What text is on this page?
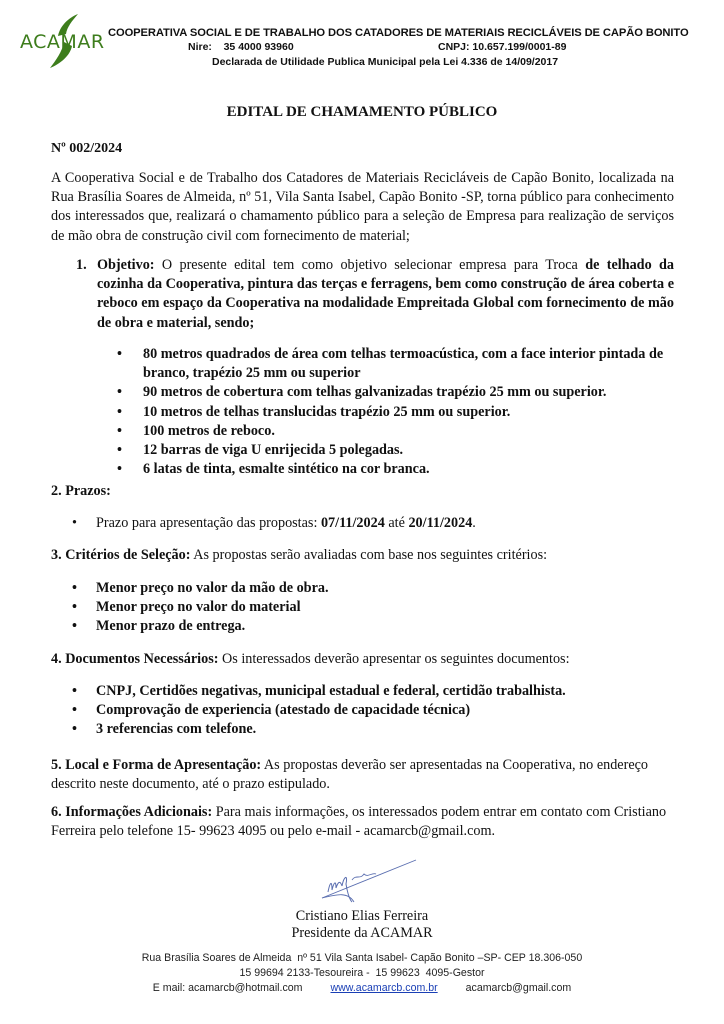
ACAMAR COOPERATIVA SOCIAL E DE TRABALHO DOS CATADORES DE MATERIAIS RECICLÁVEIS DE CAPÃO BONITO
Nire:    35 4000 93960	CNPJ: 10.657.199/0001-89
Declarada de Utilidade Publica Municipal pela Lei 4.336 de 14/09/2017
EDITAL DE CHAMAMENTO PÚBLICO
Nº 002/2024
A Cooperativa Social e de Trabalho dos Catadores de Materiais Recicláveis de Capão Bonito, localizada na Rua Brasília Soares de Almeida, nº 51, Vila Santa Isabel, Capão Bonito -SP, torna público para conhecimento dos interessados que, realizará o chamamento público para a seleção de Empresa para realização de serviços de mão obra de construção civil com fornecimento de material;
1. Objetivo: O presente edital tem como objetivo selecionar empresa para Troca de telhado da cozinha da Cooperativa, pintura das terças e ferragens, bem como construção de área coberta e reboco em espaço da Cooperativa na modalidade Empreitada Global com fornecimento de mão de obra e material, sendo;
• 80 metros quadrados de área com telhas termoacústica, com a face interior pintada de branco, trapézio 25 mm ou superior
• 90 metros de cobertura com telhas galvanizadas trapézio 25 mm ou superior.
• 10 metros de telhas translucidas trapézio 25 mm ou superior.
• 100 metros de reboco.
• 12 barras de viga U enrijecida 5 polegadas.
• 6 latas de tinta, esmalte sintético na cor branca.
2. Prazos:
• Prazo para apresentação das propostas: 07/11/2024 até 20/11/2024.
3. Critérios de Seleção: As propostas serão avaliadas com base nos seguintes critérios:
• Menor preço no valor da mão de obra.
• Menor preço no valor do material
• Menor prazo de entrega.
4. Documentos Necessários: Os interessados deverão apresentar os seguintes documentos:
• CNPJ, Certidões negativas, municipal estadual e federal, certidão trabalhista.
• Comprovação de experiencia (atestado de capacidade técnica)
• 3 referencias com telefone.
5. Local e Forma de Apresentação: As propostas deverão ser apresentadas na Cooperativa, no endereço descrito neste documento, até o prazo estipulado.
6. Informações Adicionais: Para mais informações, os interessados podem entrar em contato com Cristiano Ferreira pelo telefone 15- 99623 4095 ou pelo e-mail - acamarcb@gmail.com.
Cristiano Elias Ferreira
Presidente da ACAMAR
Rua Brasília Soares de Almeida  nº 51 Vila Santa Isabel- Capão Bonito –SP- CEP 18.306-050
15 99694 2133-Tesoureira -  15 99623  4095-Gestor
E mail: acamarcb@hotmail.com	www.acamarcb.com.br	acamarcb@gmail.com
